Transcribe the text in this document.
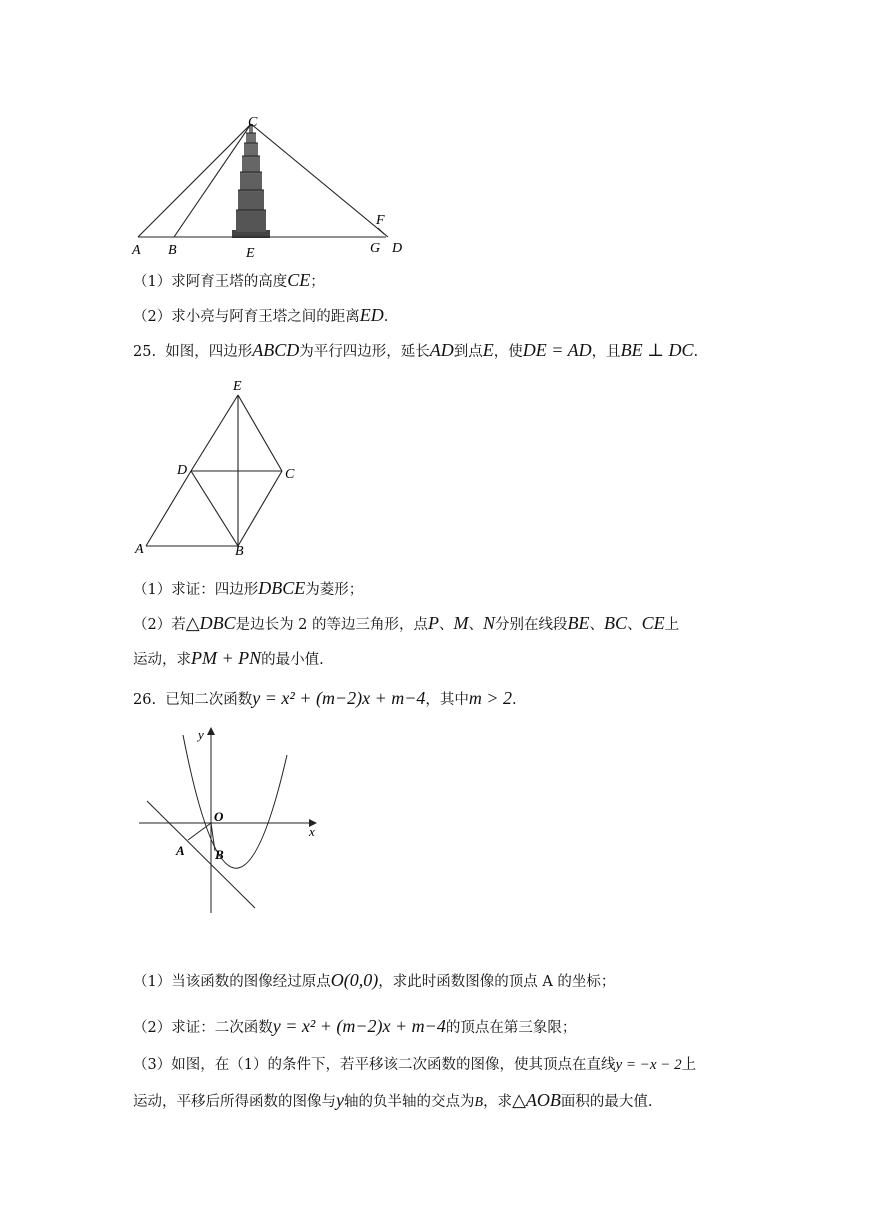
C
A B	E
F
G D
（1）求阿育王塔的高度CE；
（2）求小亮与阿育王塔之间的距离ED.
25. 如图，四边形ABCD为平行四边形，延长AD到点E，使DE = AD，且BE ⊥ DC.
E
D	C
A	B
（1）求证：四边形DBCE为菱形；
（2）若△DBC是边长为 2 的等边三角形，点P、M、N分别在线段BE、BC、CE上
运动，求PM + PN的最小值.
26. 已知二次函数y = x² + (m−2)x + m−4，其中m > 2.
y
x
O
A B
（1）当该函数的图像经过原点O(0,0)，求此时函数图像的顶点 A 的坐标；
（2）求证：二次函数y = x² + (m−2)x + m−4的顶点在第三象限；
（3）如图，在（1）的条件下，若平移该二次函数的图像，使其顶点在直线y = −x − 2上
运动，平移后所得函数的图像与y轴的负半轴的交点为B，求△AOB面积的最大值.
